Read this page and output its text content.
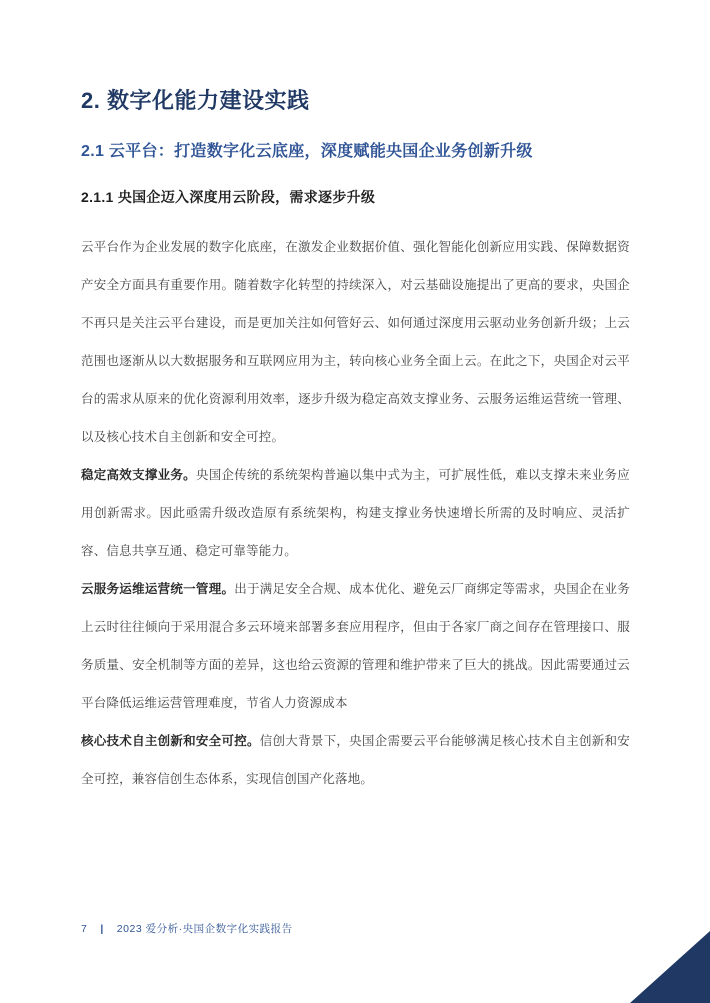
2. 数字化能力建设实践
2.1 云平台：打造数字化云底座，深度赋能央国企业务创新升级
2.1.1 央国企迈入深度用云阶段，需求逐步升级

云平台作为企业发展的数字化底座，在激发企业数据价值、强化智能化创新应用实践、保障数据资产安全方面具有重要作用。随着数字化转型的持续深入，对云基础设施提出了更高的要求，央国企不再只是关注云平台建设，而是更加关注如何管好云、如何通过深度用云驱动业务创新升级；上云范围也逐渐从以大数据服务和互联网应用为主，转向核心业务全面上云。在此之下，央国企对云平台的需求从原来的优化资源利用效率，逐步升级为稳定高效支撑业务、云服务运维运营统一管理、以及核心技术自主创新和安全可控。

稳定高效支撑业务。央国企传统的系统架构普遍以集中式为主，可扩展性低，难以支撑未来业务应用创新需求。因此亟需升级改造原有系统架构，构建支撑业务快速增长所需的及时响应、灵活扩容、信息共享互通、稳定可靠等能力。

云服务运维运营统一管理。出于满足安全合规、成本优化、避免云厂商绑定等需求，央国企在业务上云时往往倾向于采用混合多云环境来部署多套应用程序，但由于各家厂商之间存在管理接口、服务质量、安全机制等方面的差异，这也给云资源的管理和维护带来了巨大的挑战。因此需要通过云平台降低运维运营管理难度，节省人力资源成本

核心技术自主创新和安全可控。信创大背景下，央国企需要云平台能够满足核心技术自主创新和安全可控，兼容信创生态体系，实现信创国产化落地。

7 | 2023 爱分析·央国企数字化实践报告
